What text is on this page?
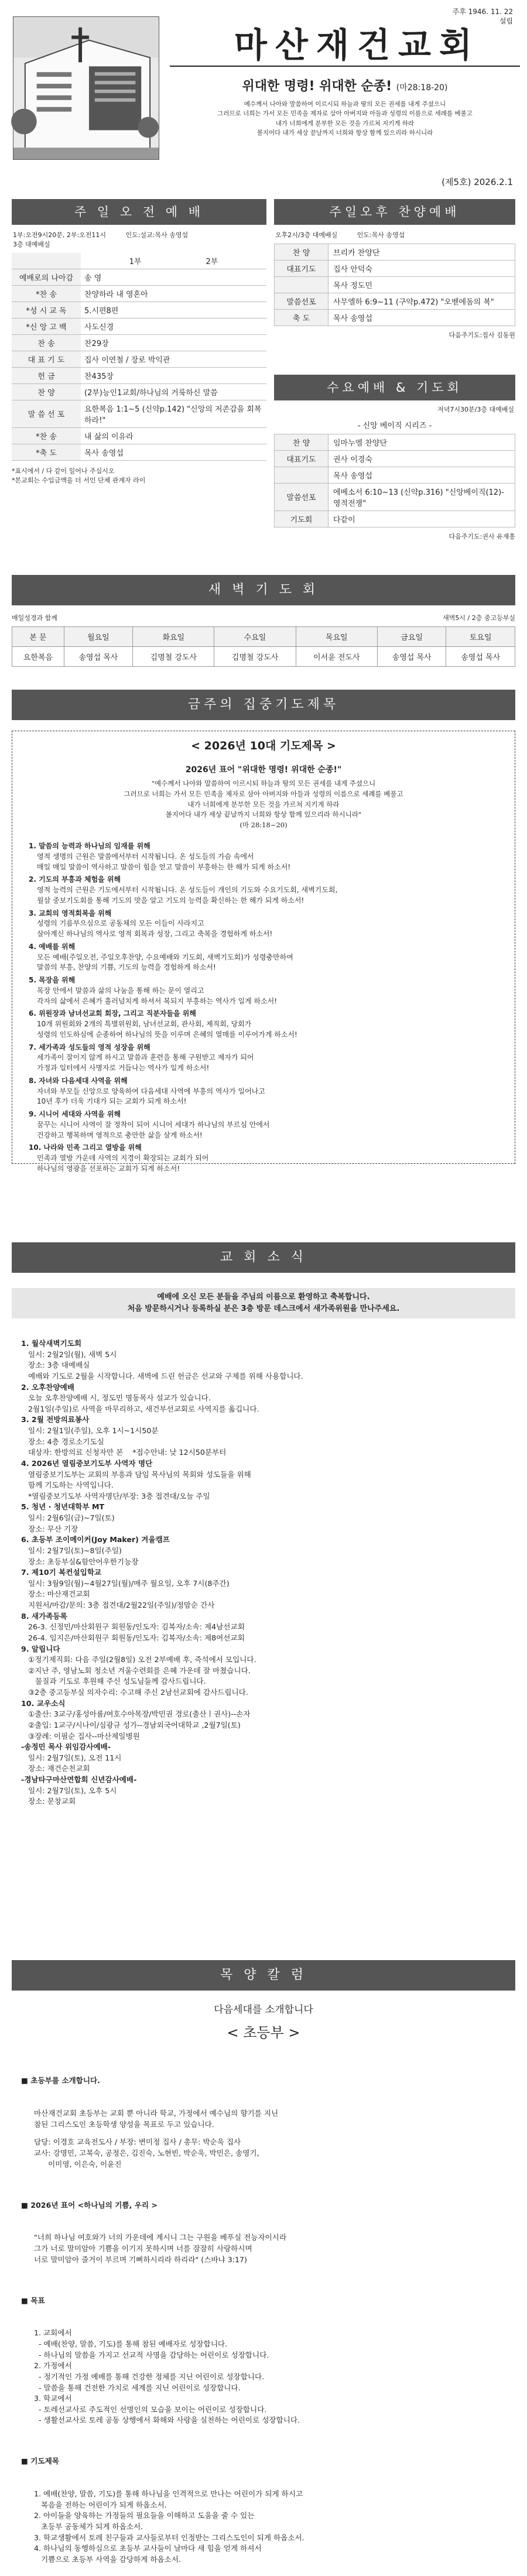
주후 1946. 11. 22
설립
마산재건교회
위대한 명령! 위대한 순종! (마28:18-20)
예수께서 나아와 말씀하여 이르시되 하늘과 땅의 모든 권세를 내게 주셨으니
그러므로 너희는 가서 모든 민족을 제자로 삼아 아버지와 아들과 성령의 이름으로 세례를 베풀고
내가 너희에게 분부한 모든 것을 가르쳐 지키게 하라
볼지어다 내가 세상 끝날까지 너희와 항상 함께 있으리라 하시니라
(제5호) 2026.2.1
주 일 오 전 예 배
1부:오전9시20분, 2부:오전11시	인도:설교:목사 송영섭
3층 대예배실
	1부 2부
예배로의 나아감	송 영
*찬 송	찬양하라 내 영혼아
*성 시 교 독	5.시편8편
*신 앙 고 백	사도신경
찬 송	찬29장
대 표 기 도	집사 이연철 / 장로 박익관
헌 금	찬435장
찬 양	(2부)능인1교회/하나님의 거룩하신 말씀
말 씀 선 포	요한복음 1:1~5 (신약p.142) "신앙의 저존감을 회복하라!"
*찬 송	내 삶의 이유라
*축 도	목사 송영섭
*표시에서 / 다 같이 일어나 주십시오
*본교회는 수입금액을 더 서인 단체 관계자 라이
주일오후 찬양예배
오후2시/3층 대예배실	인도:목사 송영섭
찬 양	브리카 찬양단
대표기도	집사 안덕숙
	목사 정도민
말씀선포	사무엘하 6:9~11 (구약p.472) "오벧에돔의 복"
축 도	목사 송영섭
다음주기도:집사 김동원
수요예배 & 기도회
저녁7시30분/3층 대예배실
- 신앙 베이직 시리즈 -
찬 양	임마누엘 찬양단
대표기도	권사 이경숙
	목사 송영섭
말씀선포	에베소서 6:10~13 (신약p.316) "신앙베이직(12)-영적전쟁"
기도회	다같이
다음주기도:권사 유재흥
새 벽 기 도 회
매일성경과 함께	새벽5시 / 2층 중고등부실
본 문	월요일	화요일	수요일	목요일	금요일	토요일
요한복음	송영섭 목사	김명철 강도사	김명철 강도사	이서윤 전도사	송영섭 목사	송영섭 목사
금주의 집중기도제목
< 2026년 10대 기도제목 >
2026년 표어 "위대한 명령! 위대한 순종!"
"예수께서 나아와 말씀하여 이르시되 하늘과 땅의 모든 권세를 내게 주셨으니
그러므로 너희는 가서 모든 민족을 제자로 삼아 아버지와 아들과 성령의 이름으로 세례를 베풀고
내가 너희에게 분부한 모든 것을 가르쳐 지키게 하라
볼지어다 내가 세상 끝날까지 너희와 항상 함께 있으리라 하시니라"
(마 28:18~20)
1. 말씀의 능력과 하나님의 임재를 위해
영적 생명의 근원은 말씀에서부터 시작됩니다. 온 성도들의 가슴 속에서
매일 매일 말씀이 역사하고 말씀이 힘을 얻고 말씀이 부흥하는 한 해가 되게 하소서!
2. 기도의 부흥과 체험을 위해
영적 능력의 근원은 기도에서부터 시작됩니다. 온 성도들이 개인의 기도와 수요기도회, 새벽기도회,
월삼 중보기도회를 통해 기도의 맛을 알고 기도의 능력을 확신하는 한 해가 되게 하소서!
3. 교회의 영적회복을 위해
성령의 기름부으심으로 공동체의 모든 이들이 사라지고
살아계신 하나님의 역사로 영적 회복과 성장, 그리고 축복을 경험하게 하소서!
4. 예배를 위해
모든 예배(주일오전, 주일오후찬양, 수요예배와 기도회, 새벽기도회)가 성령충만하여
말씀의 부흥, 찬양의 기쁨, 기도의 능력을 경험하게 하소서!
5. 목장을 위해
목장 안에서 말씀과 삶의 나눔을 통해 하는 문이 열리고
각자의 삶에서 은혜가 흘러넘치게 하셔서 복되지 부흥하는 역사가 일게 하소서!
6. 위원장과 남녀선교회 회장, 그리고 직분자들을 위해
10개 위원회와 2개의 특별위원회, 남녀선교회, 관사회, 제직회, 당회가
성령의 인도하심에 순종하여 하나님의 뜻을 이루며 은혜의 열매를 이루어가게 하소서!
7. 세가족과 성도들의 영적 성장을 위해
세가족이 잘이지 않게 하시고 말씀과 훈련을 통해 구원받고 제자가 되어
가정과 일터에서 사명자로 거듭나는 역사가 일게 하소서!
8. 자녀와 다음세대 사역을 위해
자녀와 부모들 신앙으로 양육하여 다음세대 사역에 부흥의 역사가 일어나고
10년 후가 더욱 기대가 되는 교회가 되게 하소서!
9. 시니어 세대와 사역을 위해
꿈꾸는 시니어 사역이 잘 정착이 되어 시니어 세대가 하나님의 부르심 안에서
건강하고 행복하며 영적으로 충만한 삶을 살게 하소서!
10. 나라와 민족 그리고 열방을 위해
민족과 열방 가운데 사역의 지경이 확장되는 교회가 되어
하나님의 영광을 선포하는 교회가 되게 하소서!
교 회 소 식
예배에 오신 모든 분들을 주님의 이름으로 환영하고 축복합니다.
처음 방문하시거나 등록하실 분은 3층 방문 데스크에서 새가족위원을 만나주세요.
1. 월삭새벽기도회
일시: 2월2일(월), 새벽 5시
장소: 3층 대예배실
예배와 기도로 2월을 시작합니다. 새벽에 드린 헌금은 선교와 구제를 위해 사용합니다.
2. 오후찬양예배
오늘 오후찬양예배 시, 정도민 명동목사 설교가 있습니다.
2월1일(주일)로 사역을 마무리하고, 새건부선교회로 사역지를 옮깁니다.
3. 2월 전방의료봉사
일시: 2월1일(주일), 오후 1시~1시50분
장소: 4층 경로소기도실
대상자: 한방의료 신청자만 본    *접수안내: 낮 12시50분부터
4. 2026년 열림중보기도부 사역자 명단
열림중보기도부는 교회의 부흥과 담임 목사님의 목회와 성도들을 위해
함께 기도하는 사역입니다.
*열림중보기도부 사역자명단/부장: 3층 접견대/오늘 주일
5. 청년 · 청년대학부 MT
일시: 2월6일(금)~7일(토)
장소: 무산 기장
6. 초등부 조이메이커(Joy Maker) 겨울캠프
일시: 2월7일(토)~8일(주일)
장소: 초등부실&함안어우한기능장
7. 제10기 복컨설입학교
일시: 3월9일(월)~4월27일(월)/매주 월요일, 오후 7시(8주간)
장소: 마산재건교회
지원서/마감/문의: 3층 접견대/2월22일(주일)/정맘순 간사
8. 새가족등록
26-3. 신정민/마산회원구 회원동/인도자: 김복자/소속: 제4남선교회
26-4. 임지은/마산회원구 회원동/인도자: 김복자/소속: 제8여선교회
9. 알립니다
①정기제직회: 다음 주일(2월8일) 오전 2부예배 후, 즉석에서 모입니다.
②지난 주, 영남노회 청소년 겨울수련회를 은혜 가운데 잘 마쳤습니다.
물질과 기도로 후원해 주신 성도님들께 감사드립니다.
③2층 중고등부실 의자수리: 수고해 주신 2남선교회에 감사드립니다.
10. 교우소식
①출산: 3교구/홍성아룸/여호수아목장/박민권 경로(출산ㅣ권사)--손자
②출입: 1교구/시나이/심광규 성가--경남외국어대학교 ,2월7일(토)
③장례: 이필순 집사--마산제일병원
-송정민 목사 위임감사예배-
일시: 2월7일(토), 오전 11시
장소: 재건순천교회
-경남타구마산연합회 신년감사예배-
일시: 2월7일(토), 오후 5시
장소: 문창교회
목 양 칼 럼
다음세대를 소개합니다
< 초등부 >

■ 초등부를 소개합니다.

마산재건교회 초등부는 교회 뿐 아니라 학교, 가정에서 예수님의 향기를 지닌
참된 그리스도인 초등학생 양성을 목표로 두고 있습니다.
담당: 이경호 교육전도사 / 부장: 변미정 집사 / 총무: 박순욱 집사
교사: 강명민, 고복숙, 공정은, 김진숙, 노현빈, 박순욱, 박민은, 송영기,
이미영, 이은숙, 이윤진

■ 2026년 표어 <하나님의 기쁨, 우리 >

"너희 하나님 여호와가 너의 가운데에 계시니 그는 구원을 베푸실 전능자이시라
그가 너로 말미암아 기쁨을 이기지 못하시며 너를 잠잠히 사랑하시며
너로 말미암아 즐거이 부르며 기뻐하시리라 하리라" (스바냐 3:17)

■ 목표

1. 교회에서
- 예배(찬양, 말씀, 기도)를 통해 참된 예배자로 성장합니다.
- 하나님의 말씀을 가지고 선교적 사명을 감당하는 어린이로 성장합니다.
2. 가정에서
- 정기적인 가정 예배를 통해 건강한 정체를 지닌 어린이로 성장합니다.
- 말씀을 통해 건전한 가치로 세계를 지닌 어린이로 성장합니다.
3. 학교에서
- 토레선교사로 주도적인 선명인의 모습을 보이는 어린이로 성장합니다.
- 생활선교사로 토레 공동 상행에서 화해와 사랑을 실천하는 어린이로 성장합니다.

■ 기도제목

1. 예배(찬양, 말씀, 기도)를 통해 하나님을 인격적으로 만나는 어린이가 되게 하시고
복음을 전하는 어린이가 되게 하옵소서.
2. 아이들을 양육하는 가정들의 필요들을 이해하고 도움을 줄 수 있는
초등부 공동체가 되게 하옵소서.
3. 학교생활에서 토레 친구들과 교사들로부터 인정받는 그리스도인이 되게 하옵소서.
4. 하나님의 동행하심으로 초등부 교사들이 날마다 새 힘을 얻게 하셔서
기쁨으로 초등부 사역을 감당하게 하옵소서.
